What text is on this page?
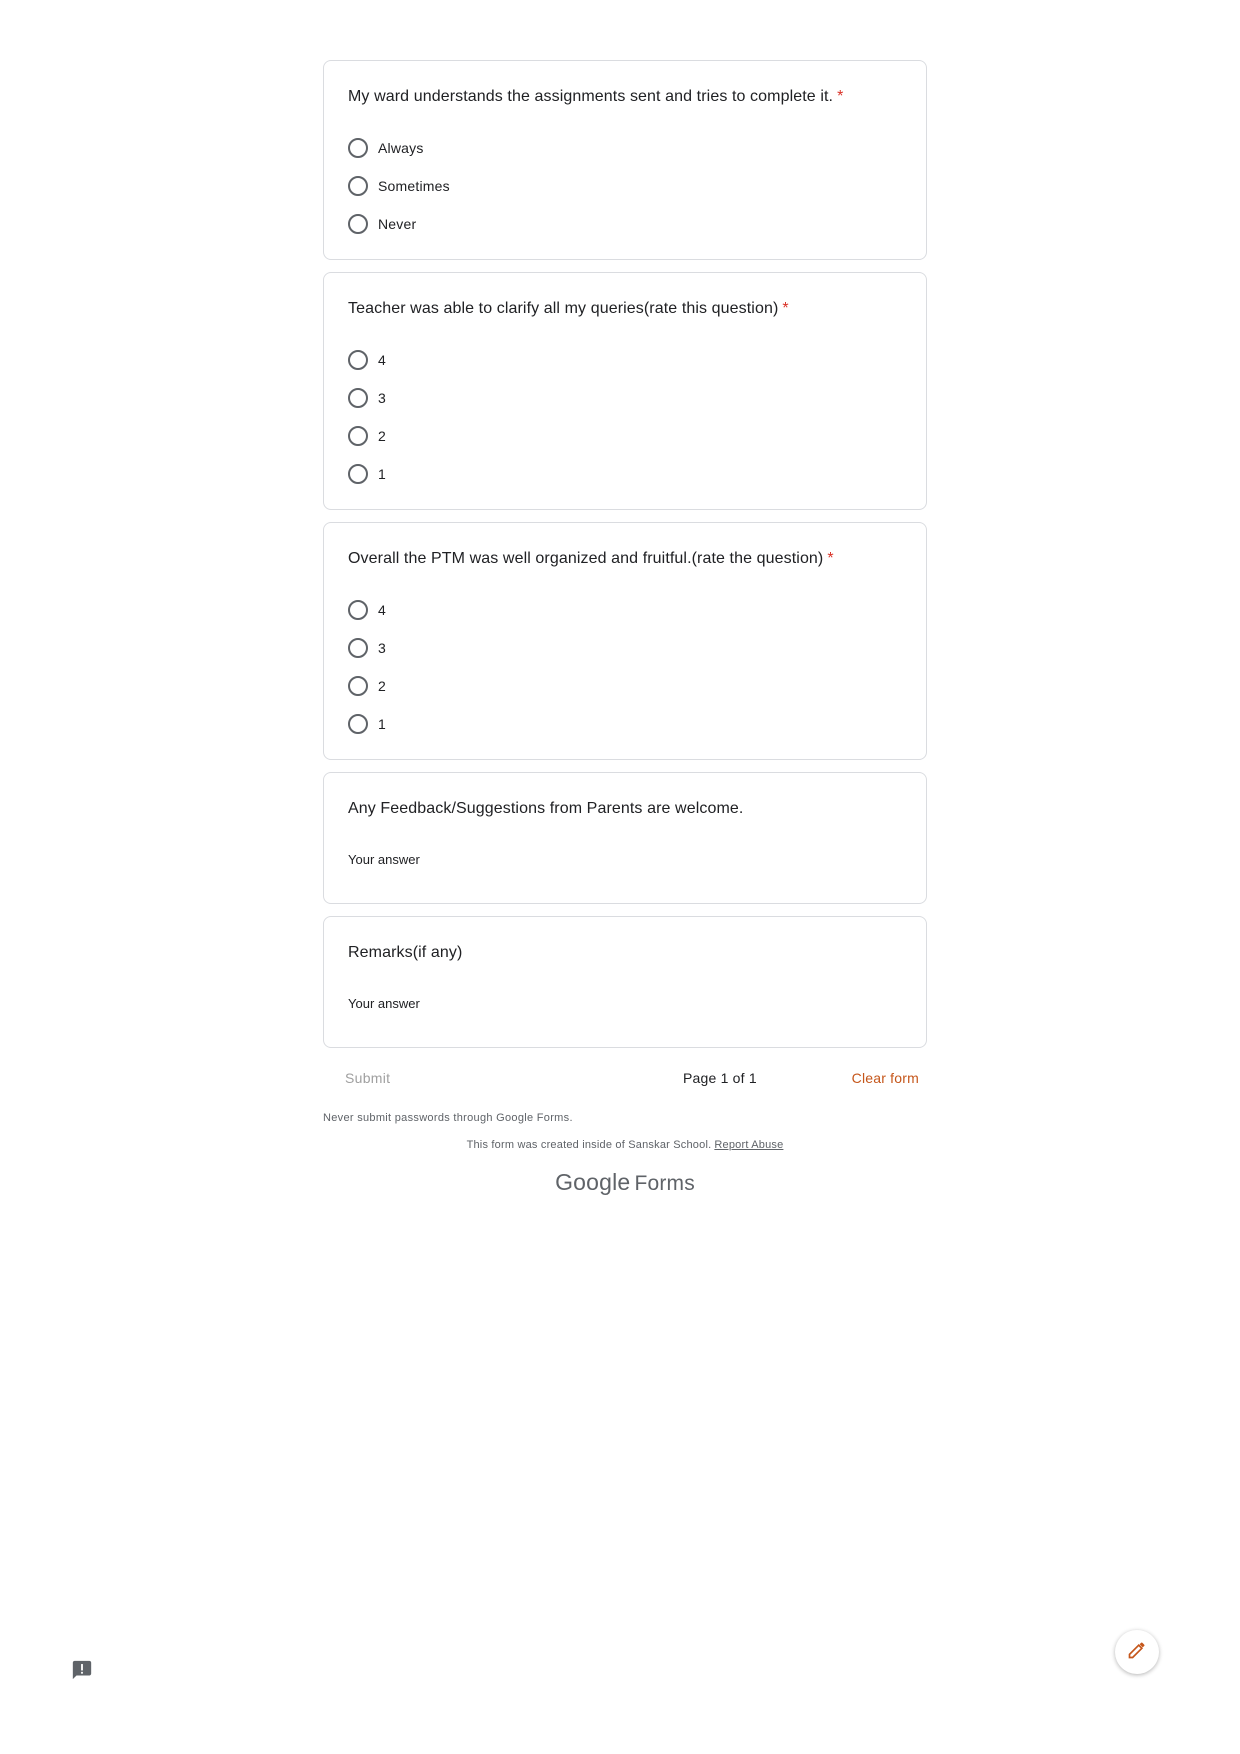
My ward understands the assignments sent and tries to complete it. *
Always
Sometimes
Never
Teacher was able to clarify all my queries(rate this question) *
4
3
2
1
Overall the PTM was well organized and fruitful.(rate the question) *
4
3
2
1
Any Feedback/Suggestions from Parents are welcome.
Your answer
Remarks(if any)
Your answer
Submit	Page 1 of 1	Clear form
Never submit passwords through Google Forms.
This form was created inside of Sanskar School. Report Abuse
Google Forms
